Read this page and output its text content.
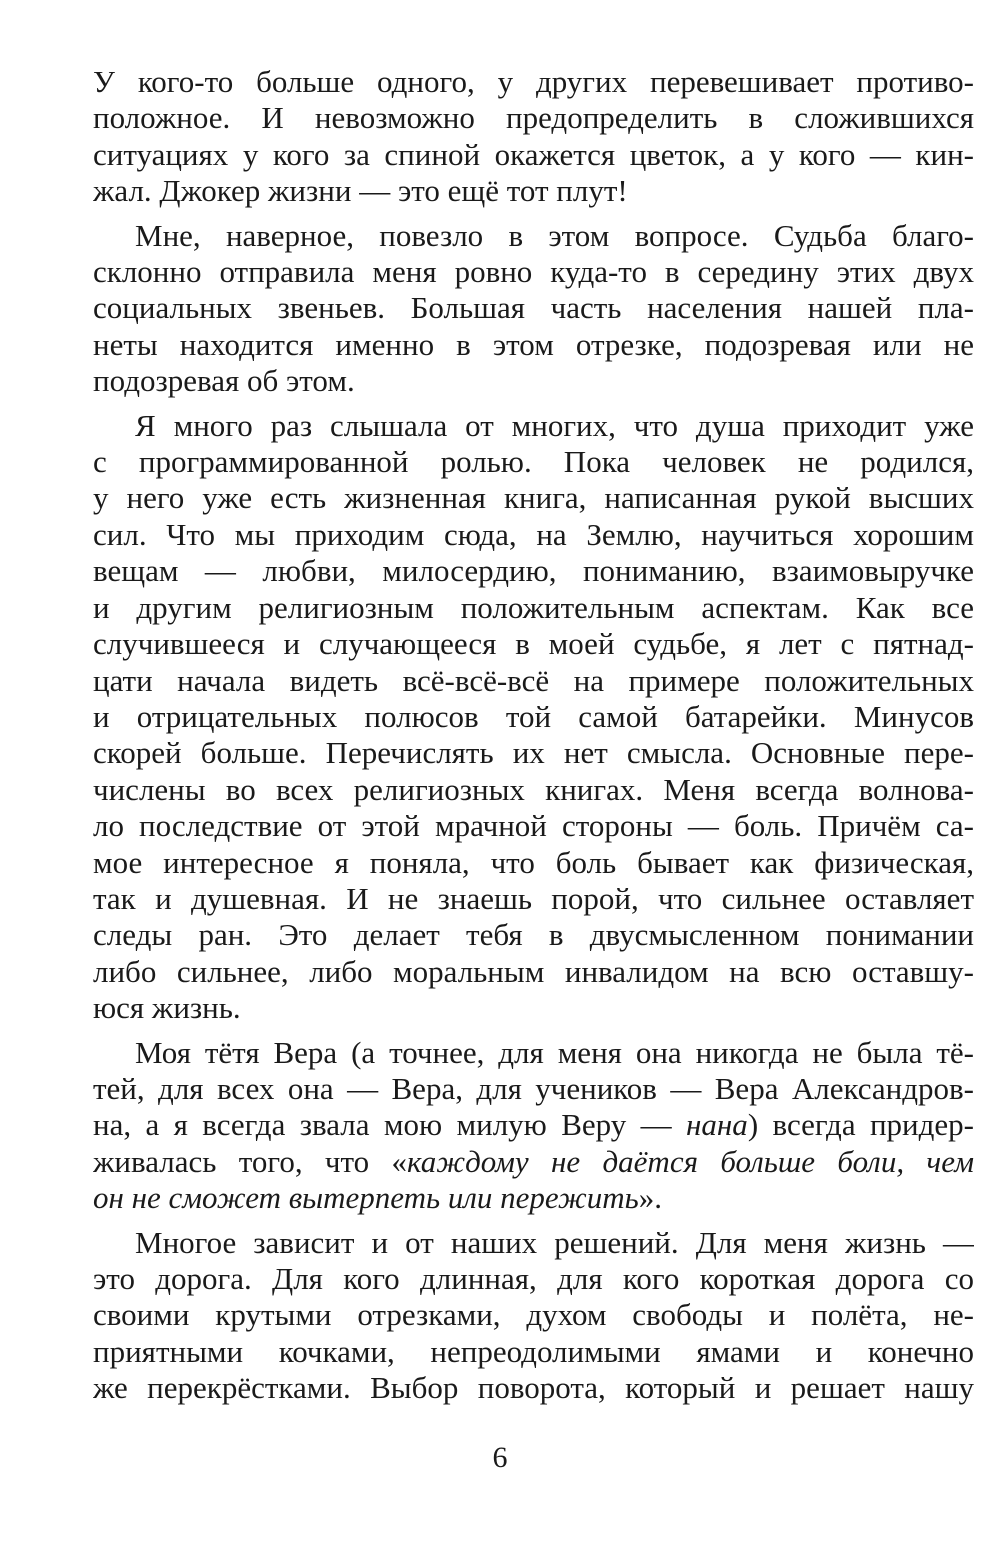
У кого-то больше одного, у других перевешивает противо-
положное. И невозможно предопределить в сложившихся
ситуациях у кого за спиной окажется цветок, а у кого — кин-
жал. Джокер жизни — это ещё тот плут!

Мне, наверное, повезло в этом вопросе. Судьба благо-
склонно отправила меня ровно куда-то в середину этих двух
социальных звеньев. Большая часть населения нашей пла-
неты находится именно в этом отрезке, подозревая или не
подозревая об этом.

Я много раз слышала от многих, что душа приходит уже
с программированной ролью. Пока человек не родился,
у него уже есть жизненная книга, написанная рукой высших
сил. Что мы приходим сюда, на Землю, научиться хорошим
вещам — любви, милосердию, пониманию, взаимовыручке
и другим религиозным положительным аспектам. Как все
случившееся и случающееся в моей судьбе, я лет с пятнад-
цати начала видеть всё-всё-всё на примере положительных
и отрицательных полюсов той самой батарейки. Минусов
скорей больше. Перечислять их нет смысла. Основные пере-
числены во всех религиозных книгах. Меня всегда волнова-
ло последствие от этой мрачной стороны — боль. Причём са-
мое интересное я поняла, что боль бывает как физическая,
так и душевная. И не знаешь порой, что сильнее оставляет
следы ран. Это делает тебя в двусмысленном понимании
либо сильнее, либо моральным инвалидом на всю оставшу-
юся жизнь.

Моя тётя Вера (а точнее, для меня она никогда не была тё-
тей, для всех она — Вера, для учеников — Вера Александров-
на, а я всегда звала мою милую Веру — нана) всегда придер-
живалась того, что «каждому не даётся больше боли, чем
он не сможет вытерпеть или пережить».

Многое зависит и от наших решений. Для меня жизнь —
это дорога. Для кого длинная, для кого короткая дорога со
своими крутыми отрезками, духом свободы и полёта, не-
приятными кочками, непреодолимыми ямами и конечно
же перекрёстками. Выбор поворота, который и решает нашу

6
